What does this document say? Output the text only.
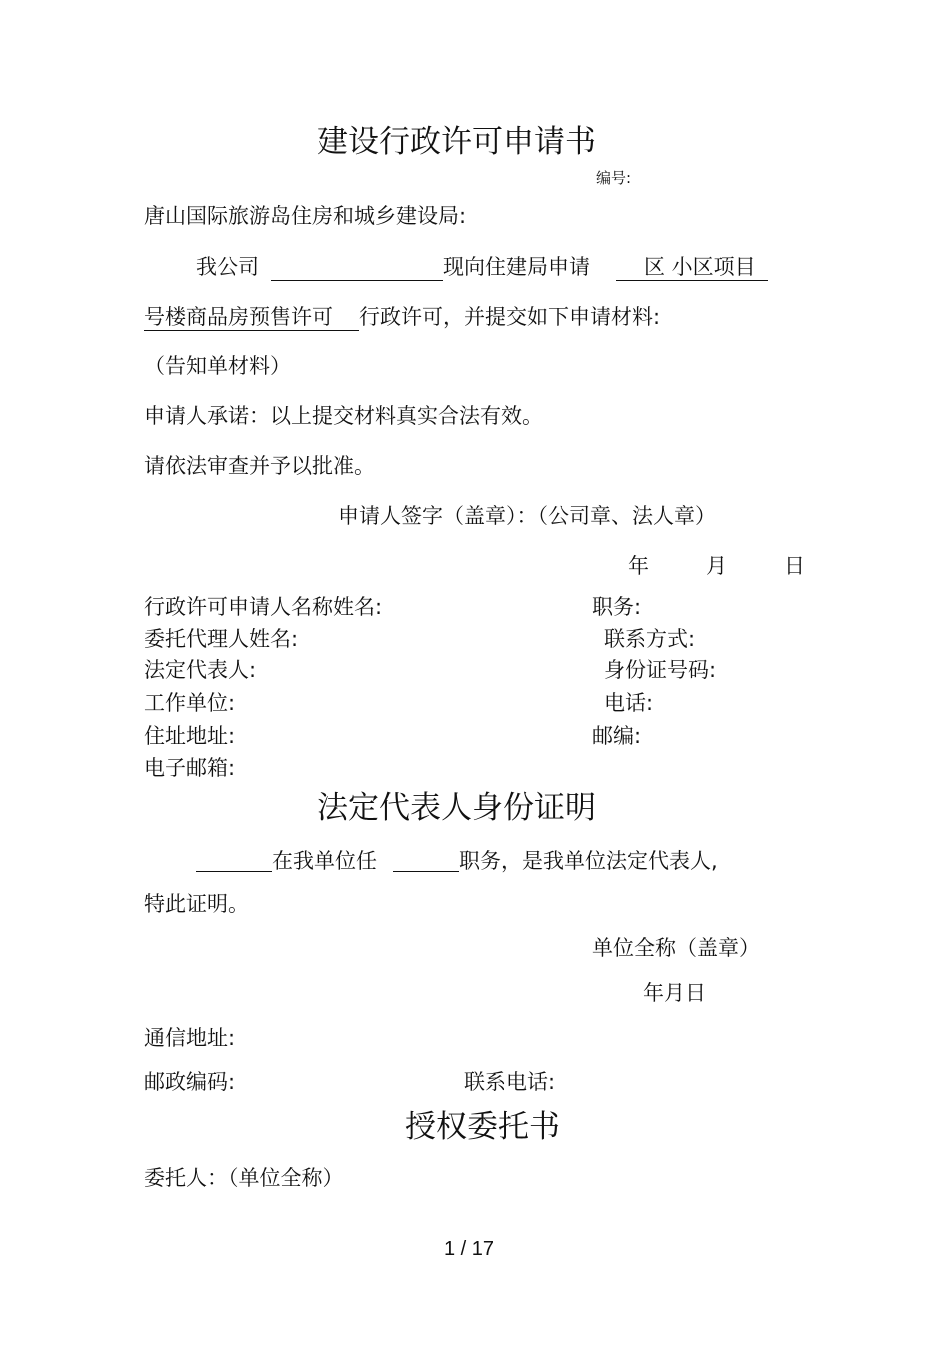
建设行政许可申请书
编号:
唐山国际旅游岛住房和城乡建设局:
我公司	现向住建局申请	区 小区项目
号楼商品房预售许可 行政许可，并提交如下申请材料:
（告知单材料）
申请人承诺：以上提交材料真实合法有效。
请依法审查并予以批准。
申请人签字（盖章）：（公司章、法人章）
年	月	日
行政许可申请人名称姓名:	职务:
委托代理人姓名:	联系方式:
法定代表人:	身份证号码:
工作单位:	电话:
住址地址:	邮编:
电子邮箱:
法定代表人身份证明
在我单位任	职务，是我单位法定代表人,
特此证明。
单位全称（盖章）
年月日
通信地址:
邮政编码:	联系电话:
授权委托书
委托人：（单位全称）
1 / 17
